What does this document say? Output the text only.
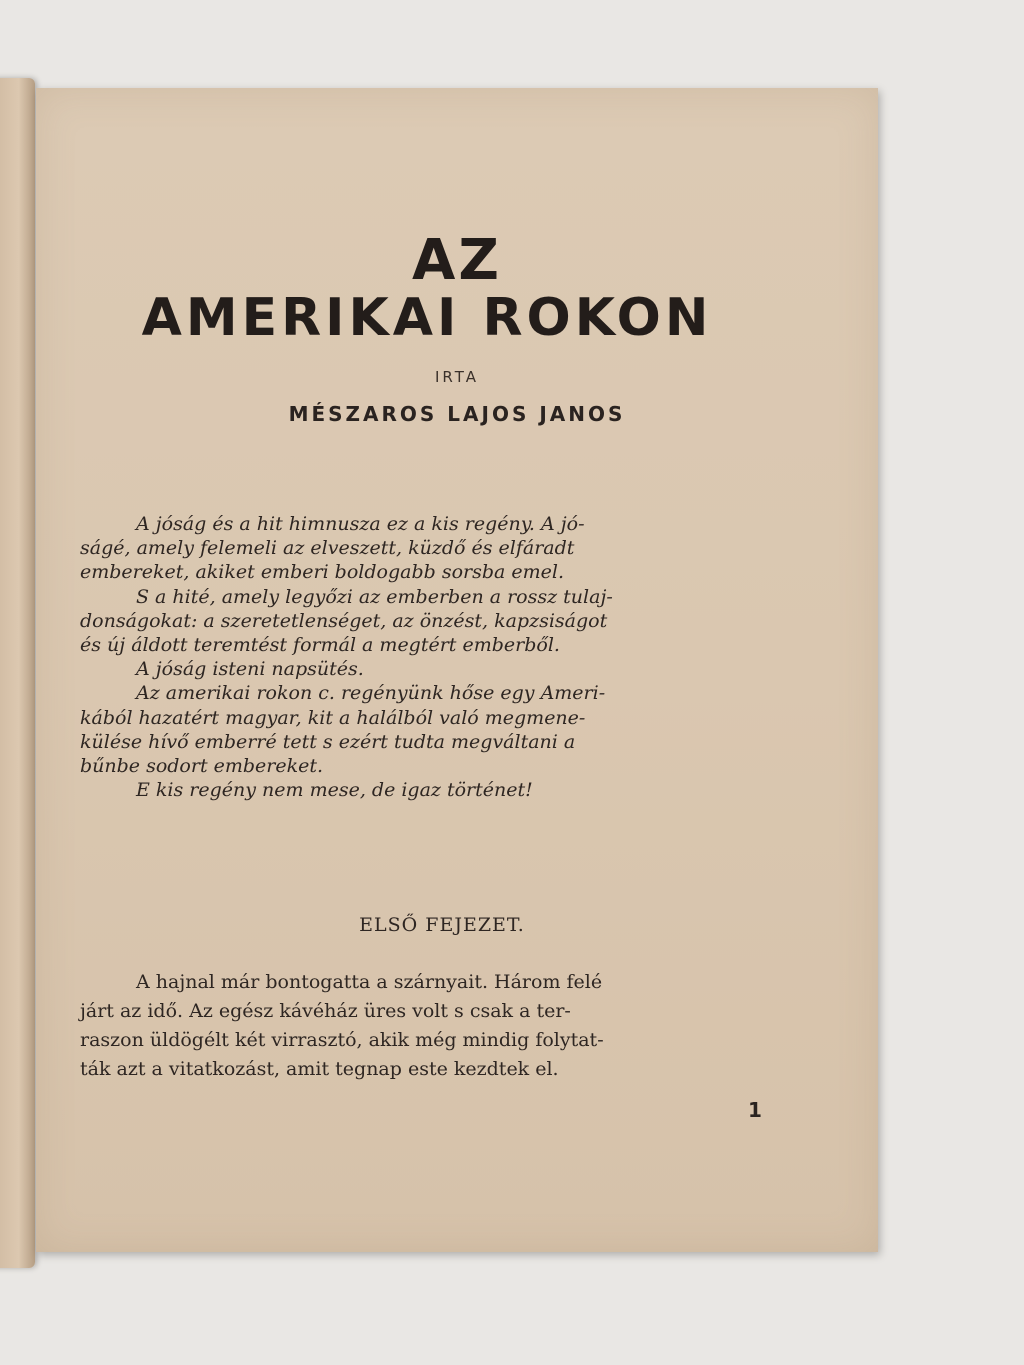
AZ
AMERIKAI ROKON
IRTA
MÉSZAROS LAJOS JANOS
A jóság és a hit himnusza ez a kis regény. A jó-
ságé, amely felemeli az elveszett, küzdő és elfáradt
embereket, akiket emberi boldogabb sorsba emel.
S a hité, amely legyőzi az emberben a rossz tulaj-
donságokat: a szeretetlenséget, az önzést, kapzsiságot
és új áldott teremtést formál a megtért emberből.
A jóság isteni napsütés.
Az amerikai rokon c. regényünk hőse egy Ameri-
kából hazatért magyar, kit a halálból való megmene-
külése hívő emberré tett s ezért tudta megváltani a
bűnbe sodort embereket.
E kis regény nem mese, de igaz történet!
ELSŐ FEJEZET.
A hajnal már bontogatta a szárnyait. Három felé
járt az idő. Az egész kávéház üres volt s csak a ter-
raszon üldögélt két virrasztó, akik még mindig folytat-
ták azt a vitatkozást, amit tegnap este kezdtek el.
1
